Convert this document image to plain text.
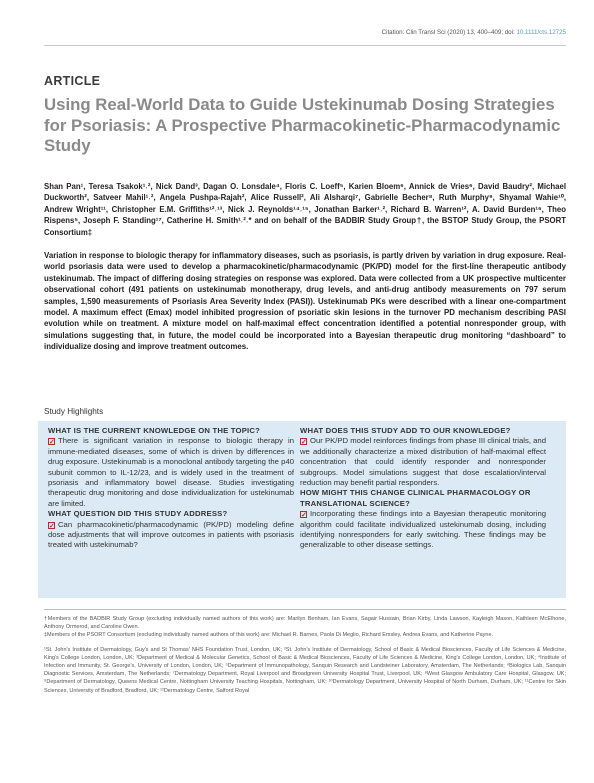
Citation: Clin Transl Sci (2020) 13, 400–409; doi: 10.1111/cts.12725
ARTICLE
Using Real-World Data to Guide Ustekinumab Dosing Strategies for Psoriasis: A Prospective Pharmacokinetic-Pharmacodynamic Study

Shan Pan¹, Teresa Tsakok¹˒², Nick Dand³, Dagan O. Lonsdale⁴, Floris C. Loeff⁵, Karien Bloem⁶, Annick de Vries⁶, David Baudry², Michael Duckworth², Satveer Mahil¹˒², Angela Pushpa-Rajah², Alice Russell², Ali Alsharqi⁷, Gabrielle Becher⁸, Ruth Murphy⁹, Shyamal Wahie¹⁰, Andrew Wright¹¹, Christopher E.M. Griffiths¹²˒¹³, Nick J. Reynolds¹⁴˒¹⁵, Jonathan Barker¹˒², Richard B. Warren¹², A. David Burden¹⁶, Theo Rispens⁵, Joseph F. Standing¹⁷, Catherine H. Smith¹˒²˒* and on behalf of the BADBIR Study Group†, the BSTOP Study Group, the PSORT Consortium‡

Variation in response to biologic therapy for inflammatory diseases, such as psoriasis, is partly driven by variation in drug exposure. Real-world psoriasis data were used to develop a pharmacokinetic/pharmacodynamic (PK/PD) model for the first-line therapeutic antibody ustekinumab. The impact of differing dosing strategies on response was explored. Data were collected from a UK prospective multicenter observational cohort (491 patients on ustekinumab monotherapy, drug levels, and anti-drug antibody measurements on 797 serum samples, 1,590 measurements of Psoriasis Area Severity Index (PASI)). Ustekinumab PKs were described with a linear one-compartment model. A maximum effect (Emax) model inhibited progression of psoriatic skin lesions in the turnover PD mechanism describing PASI evolution while on treatment. A mixture model on half-maximal effect concentration identified a potential nonresponder group, with simulations suggesting that, in future, the model could be incorporated into a Bayesian therapeutic drug monitoring “dashboard” to individualize dosing and improve treatment outcomes.

Study Highlights

WHAT IS THE CURRENT KNOWLEDGE ON THE TOPIC?

✓ There is significant variation in response to biologic therapy in immune-mediated diseases, some of which is driven by differences in drug exposure. Ustekinumab is a monoclonal antibody targeting the p40 subunit common to IL-12/23, and is widely used in the treatment of psoriasis and inflammatory bowel disease. Studies investigating therapeutic drug monitoring and dose individualization for ustekinumab are limited.

WHAT QUESTION DID THIS STUDY ADDRESS?

✓ Can pharmacokinetic/pharmacodynamic (PK/PD) modeling define dose adjustments that will improve outcomes in patients with psoriasis treated with ustekinumab?

WHAT DOES THIS STUDY ADD TO OUR KNOWLEDGE?

✓ Our PK/PD model reinforces findings from phase III clinical trials, and we additionally characterize a mixed distribution of half-maximal effect concentration that could identify responder and nonresponder subgroups. Model simulations suggest that dose escalation/interval reduction may benefit partial responders.

HOW MIGHT THIS CHANGE CLINICAL PHARMACOLOGY OR TRANSLATIONAL SCIENCE?

✓ Incorporating these findings into a Bayesian therapeutic monitoring algorithm could facilitate individualized ustekinumab dosing, including identifying nonresponders for early switching. These findings may be generalizable to other disease settings.

†Members of the BADBIR Study Group (excluding individually named authors of this work) are: Marilyn Benham, Ian Evans, Sagair Hussain, Brian Kirby, Linda Lawson, Kayleigh Mason, Kathleen McElhone, Anthony Ormerod, and Caroline Owen.

‡Members of the PSORT Consortium (excluding individually named authors of this work) are: Michael R. Barnes, Paola Di Meglio, Richard Emsley, Andrea Evans, and Katherine Payne.

¹St. John's Institute of Dermatology, Guy's and St Thomas' NHS Foundation Trust, London, UK; ²St. John's Institute of Dermatology, School of Basic & Medical Biosciences, Faculty of Life Sciences & Medicine, King's College London, London, UK; ³Department of Medical & Molecular Genetics, School of Basic & Medical Biosciences, Faculty of Life Sciences & Medicine, King's College London, London, UK; ⁴Institute of Infection and Immunity, St. George's, University of London, London, UK; ⁵Department of Immunopathology, Sanquin Research and Landsteiner Laboratory, Amsterdam, The Netherlands; ⁶Biologics Lab, Sanquin Diagnostic Services, Amsterdam, The Netherlands; ⁷Dermatology Department, Royal Liverpool and Broadgreen University Hospital Trust, Liverpool, UK; ⁸West Glasgow Ambulatory Care Hospital, Glasgow, UK; ⁹Department of Dermatology, Queens Medical Centre, Nottingham University Teaching Hospitals, Nottingham, UK; ¹⁰Dermatology Department, University Hospital of North Durham, Durham, UK; ¹¹Centre for Skin Sciences, University of Bradford, Bradford, UK; ¹²Dermatology Centre, Salford Royal
